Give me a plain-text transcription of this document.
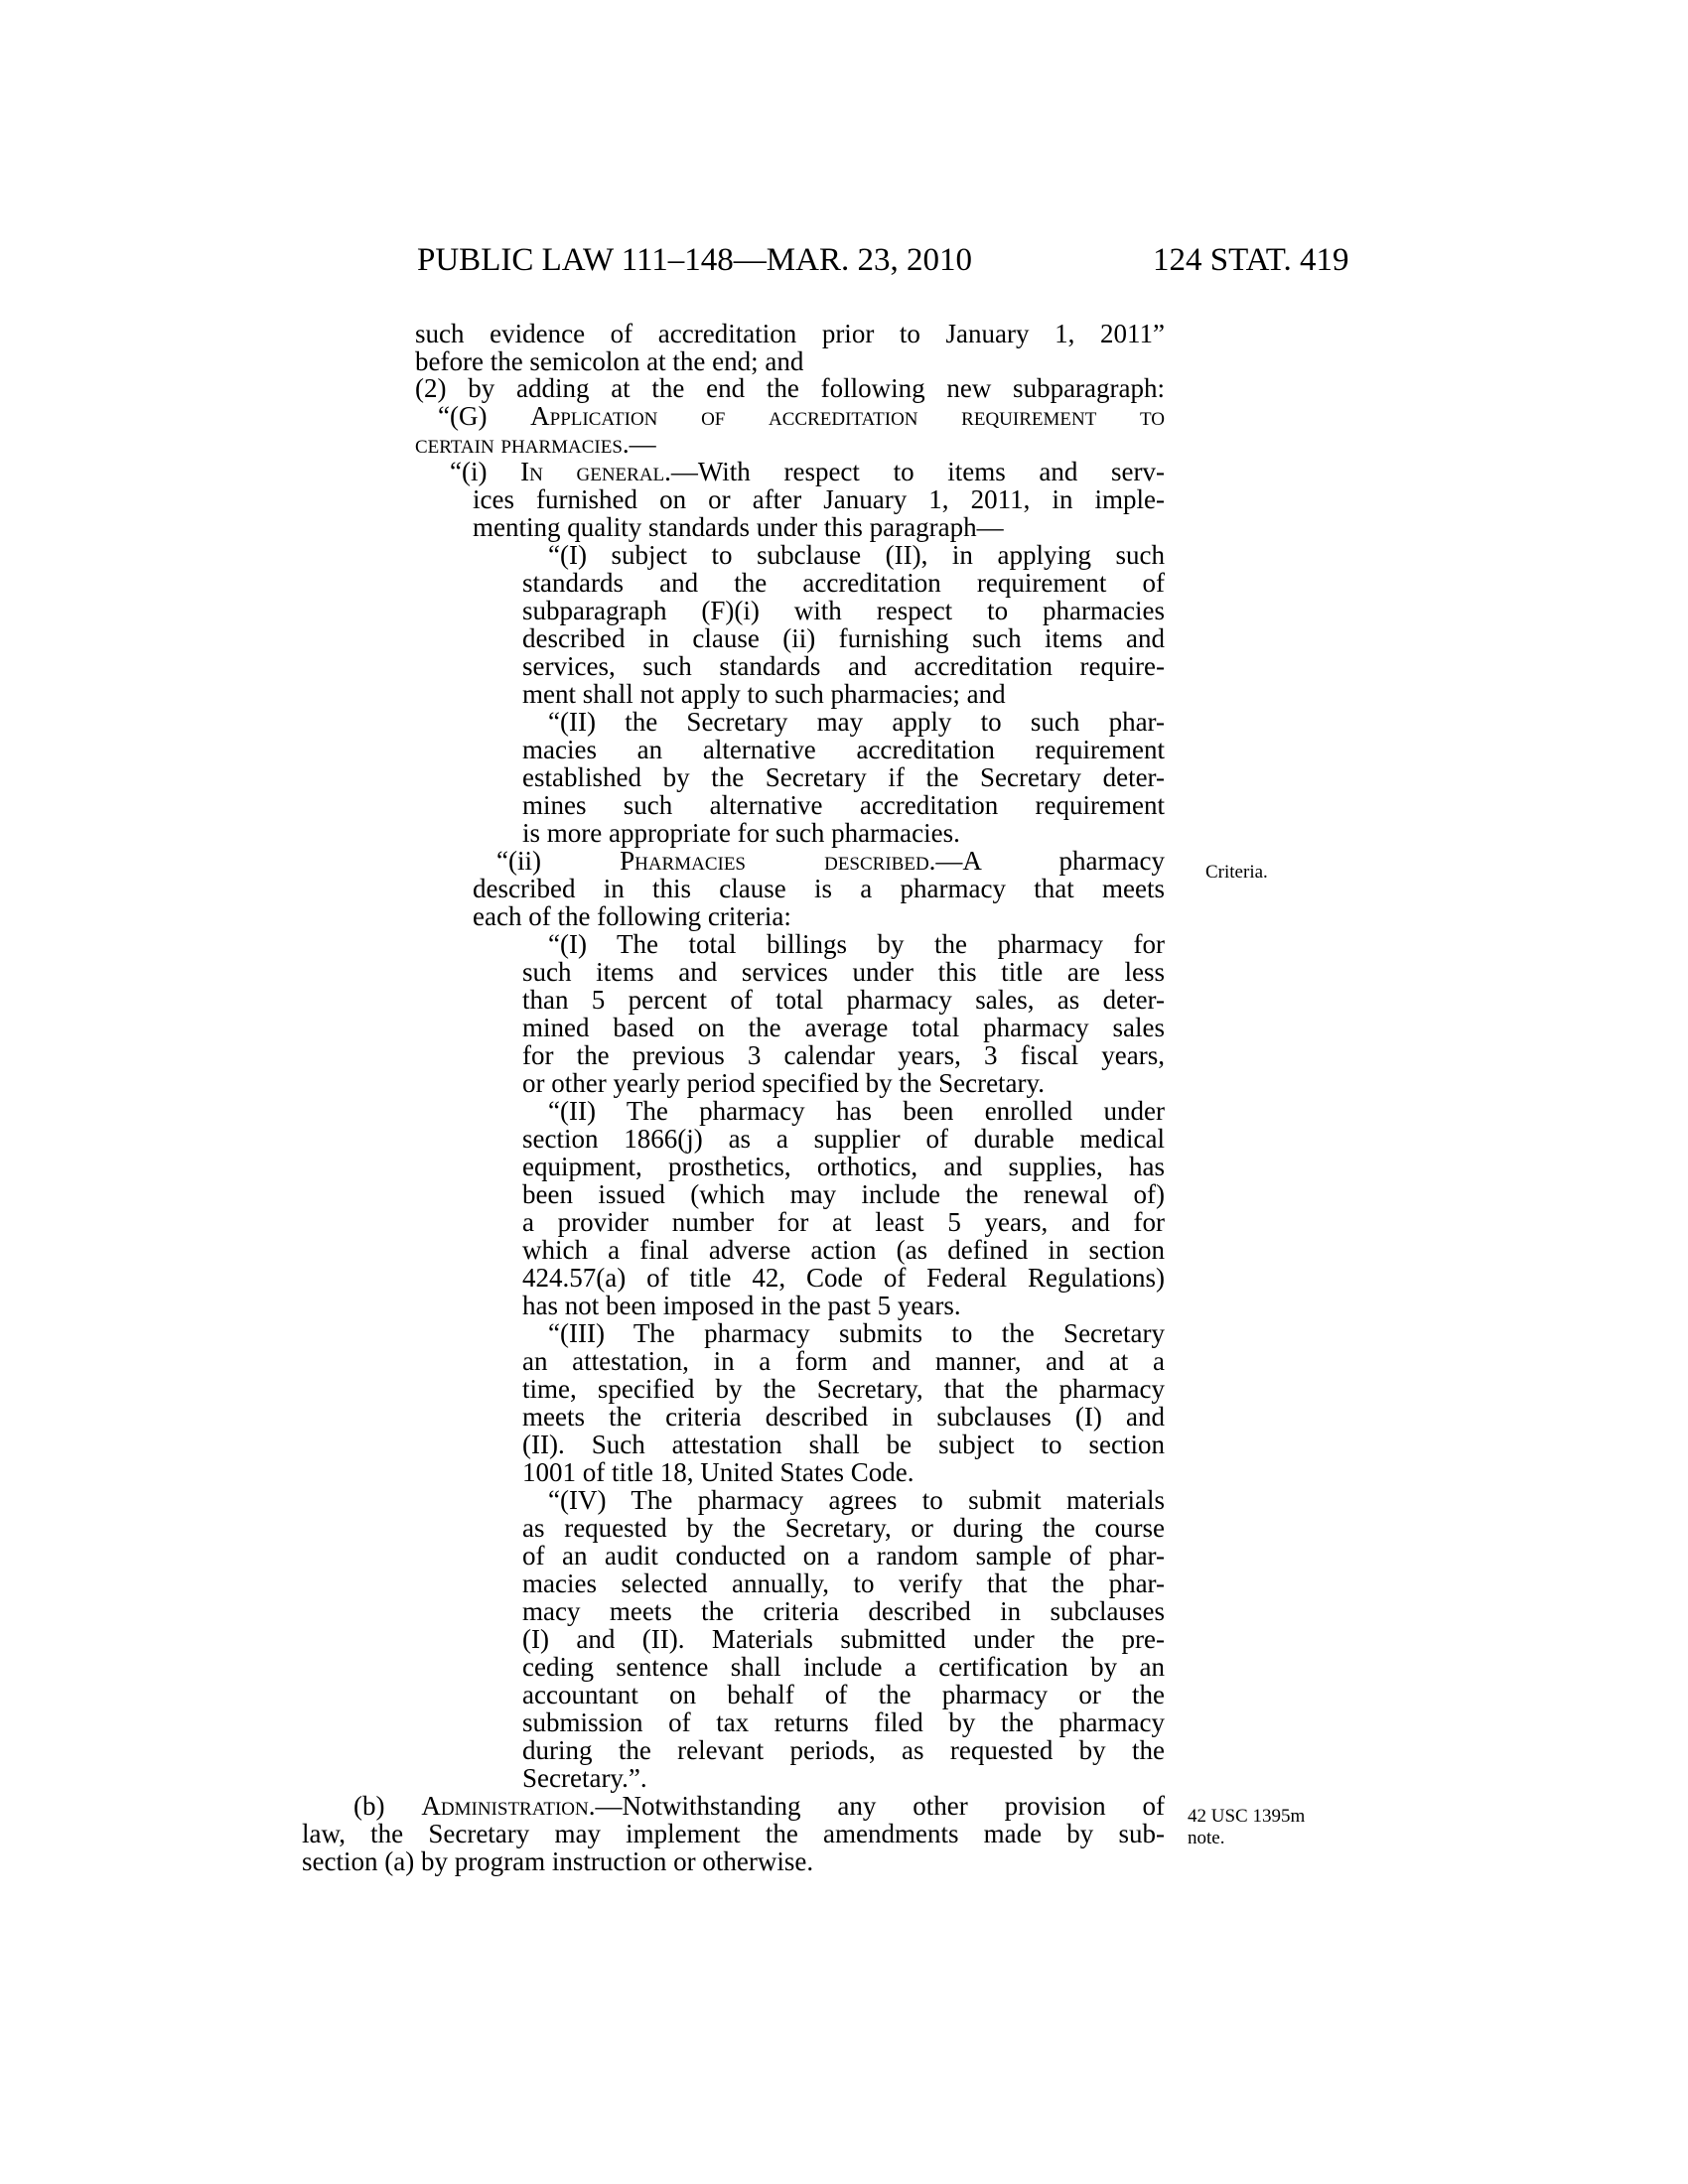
PUBLIC LAW 111–148—MAR. 23, 2010	124 STAT. 419
such evidence of accreditation prior to January 1, 2011”
before the semicolon at the end; and
(2) by adding at the end the following new subparagraph:
“(G) Application of accreditation requirement to
certain pharmacies.—
“(i) In general.—With respect to items and serv-
ices furnished on or after January 1, 2011, in imple-
menting quality standards under this paragraph—
“(I) subject to subclause (II), in applying such
standards and the accreditation requirement of
subparagraph (F)(i) with respect to pharmacies
described in clause (ii) furnishing such items and
services, such standards and accreditation require-
ment shall not apply to such pharmacies; and
“(II) the Secretary may apply to such phar-
macies an alternative accreditation requirement
established by the Secretary if the Secretary deter-
mines such alternative accreditation requirement
is more appropriate for such pharmacies.
“(ii) Pharmacies described.—A pharmacy
described in this clause is a pharmacy that meets
each of the following criteria:
“(I) The total billings by the pharmacy for
such items and services under this title are less
than 5 percent of total pharmacy sales, as deter-
mined based on the average total pharmacy sales
for the previous 3 calendar years, 3 fiscal years,
or other yearly period specified by the Secretary.
“(II) The pharmacy has been enrolled under
section 1866(j) as a supplier of durable medical
equipment, prosthetics, orthotics, and supplies, has
been issued (which may include the renewal of)
a provider number for at least 5 years, and for
which a final adverse action (as defined in section
424.57(a) of title 42, Code of Federal Regulations)
has not been imposed in the past 5 years.
“(III) The pharmacy submits to the Secretary
an attestation, in a form and manner, and at a
time, specified by the Secretary, that the pharmacy
meets the criteria described in subclauses (I) and
(II). Such attestation shall be subject to section
1001 of title 18, United States Code.
“(IV) The pharmacy agrees to submit materials
as requested by the Secretary, or during the course
of an audit conducted on a random sample of phar-
macies selected annually, to verify that the phar-
macy meets the criteria described in subclauses
(I) and (II). Materials submitted under the pre-
ceding sentence shall include a certification by an
accountant on behalf of the pharmacy or the
submission of tax returns filed by the pharmacy
during the relevant periods, as requested by the
Secretary.”.
(b) Administration.—Notwithstanding any other provision of
law, the Secretary may implement the amendments made by sub-
section (a) by program instruction or otherwise.
Criteria.
42 USC 1395m
note.
